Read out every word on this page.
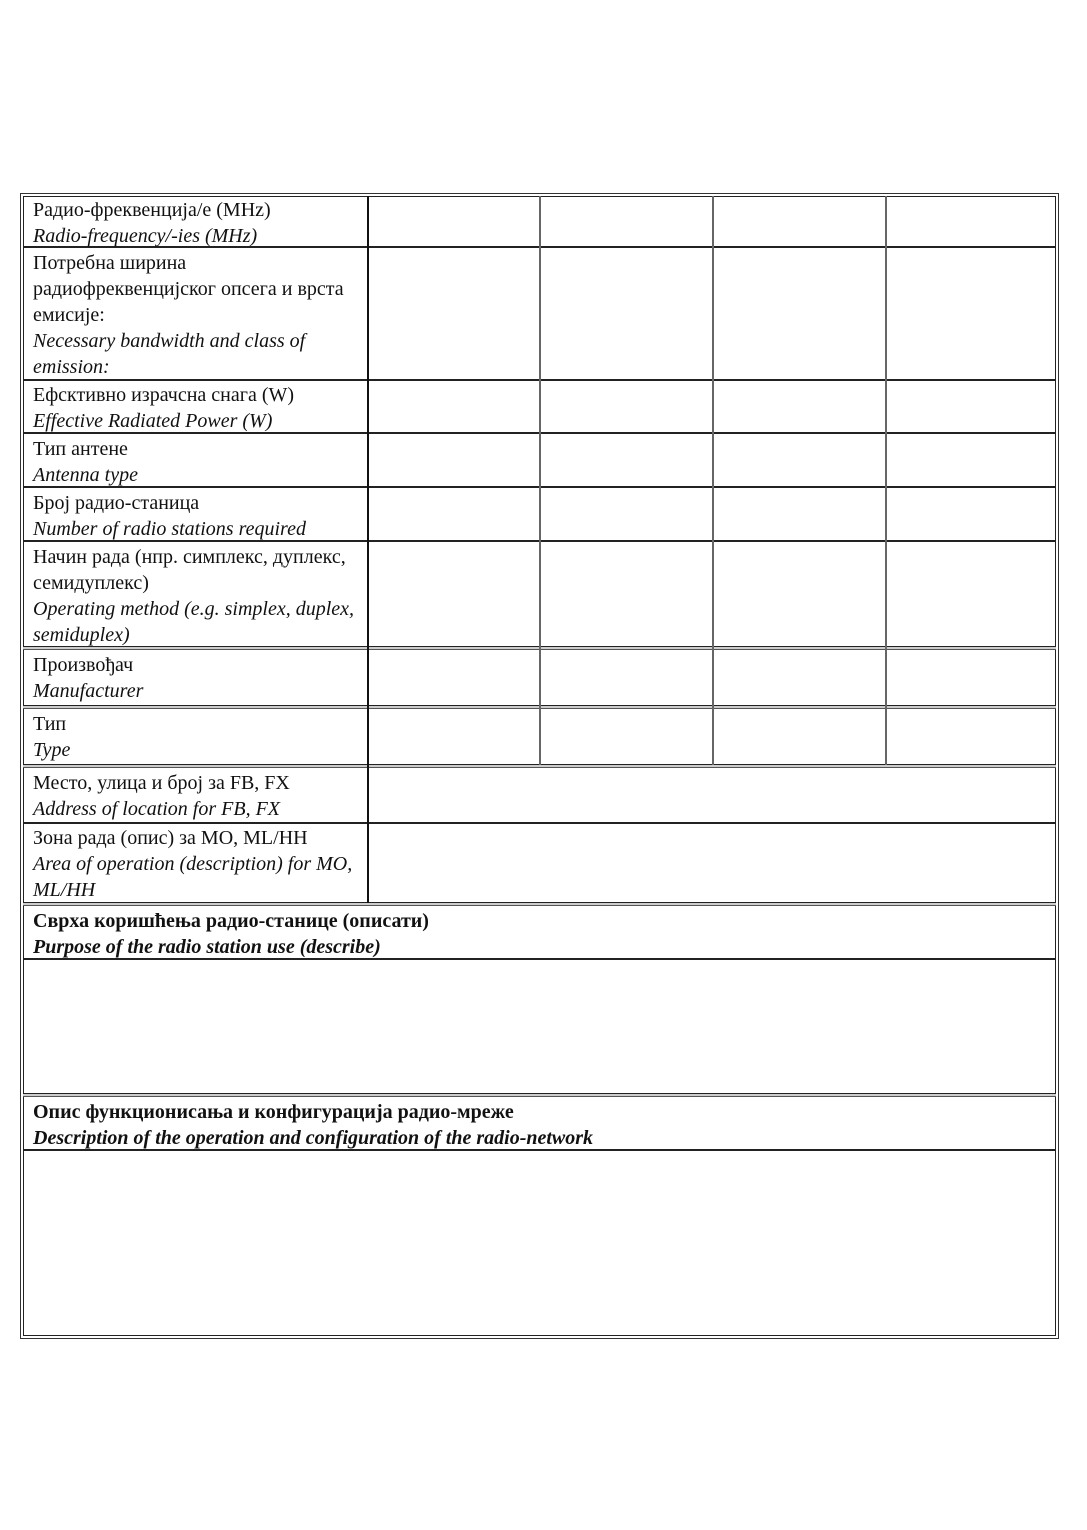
Радио-фреквенција/е (MHz)
Radio-frequency/-ies (MHz)
Потребна ширина радиофреквенцијског опсега и врста емисије:
Necessary bandwidth and class of emission:
Ефсктивно израчсна снага (W)
Effective Radiated Power (W)
Тип антене
Antenna type
Број радио-станица
Number of radio stations required
Начин рада (нпр. симплекс, дуплекс, семидуплекс)
Operating method (e.g. simplex, duplex, semiduplex)
Произвођач
Manufacturer
Тип
Type
Место, улица и број за FB, FX
Address of location for FB, FX
Зона рада (опис) за MO, ML/HH
Area of operation (description) for MO, ML/HH
Сврха коришћења радио-станице (описати)
Purpose of the radio station use (describe)
Опис функционисања и конфигурација радио-мреже
Description of the operation and configuration of the radio-network
